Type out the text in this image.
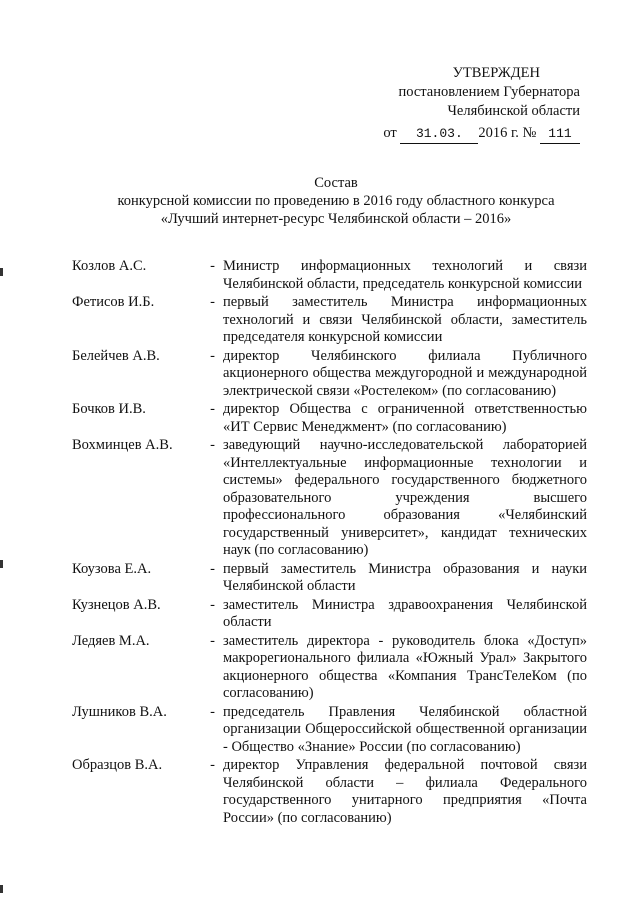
УТВЕРЖДЕН
постановлением Губернатора
Челябинской области
от 31.03. 2016 г. № 111
Состав
конкурсной комиссии по проведению в 2016 году областного конкурса
«Лучший интернет-ресурс Челябинской области – 2016»
Козлов А.С.	- Министр информационных технологий и связи Челябинской области, председатель конкурсной комиссии
Фетисов И.Б.	- первый заместитель Министра информационных технологий и связи Челябинской области, заместитель председателя конкурсной комиссии
Белейчев А.В.	- директор Челябинского филиала Публичного акционерного общества междугородной и международной электрической связи «Ростелеком» (по согласованию)
Бочков И.В.	- директор Общества с ограниченной ответственностью «ИТ Сервис Менеджмент» (по согласованию)
Вохминцев А.В.	- заведующий научно-исследовательской лабораторией «Интеллектуальные информационные технологии и системы» федерального государственного бюджетного образовательного учреждения высшего профессионального образования «Челябинский государственный университет», кандидат технических наук (по согласованию)
Коузова Е.А.	- первый заместитель Министра образования и науки Челябинской области
Кузнецов А.В.	- заместитель Министра здравоохранения Челябинской области
Ледяев М.А.	- заместитель директора - руководитель блока «Доступ» макрорегионального филиала «Южный Урал» Закрытого акционерного общества «Компания ТрансТелеКом (по согласованию)
Лушников В.А.	- председатель Правления Челябинской областной организации Общероссийской общественной организации - Общество «Знание» России (по согласованию)
Образцов В.А.	- директор Управления федеральной почтовой связи Челябинской области – филиала Федерального государственного унитарного предприятия «Почта России» (по согласованию)
